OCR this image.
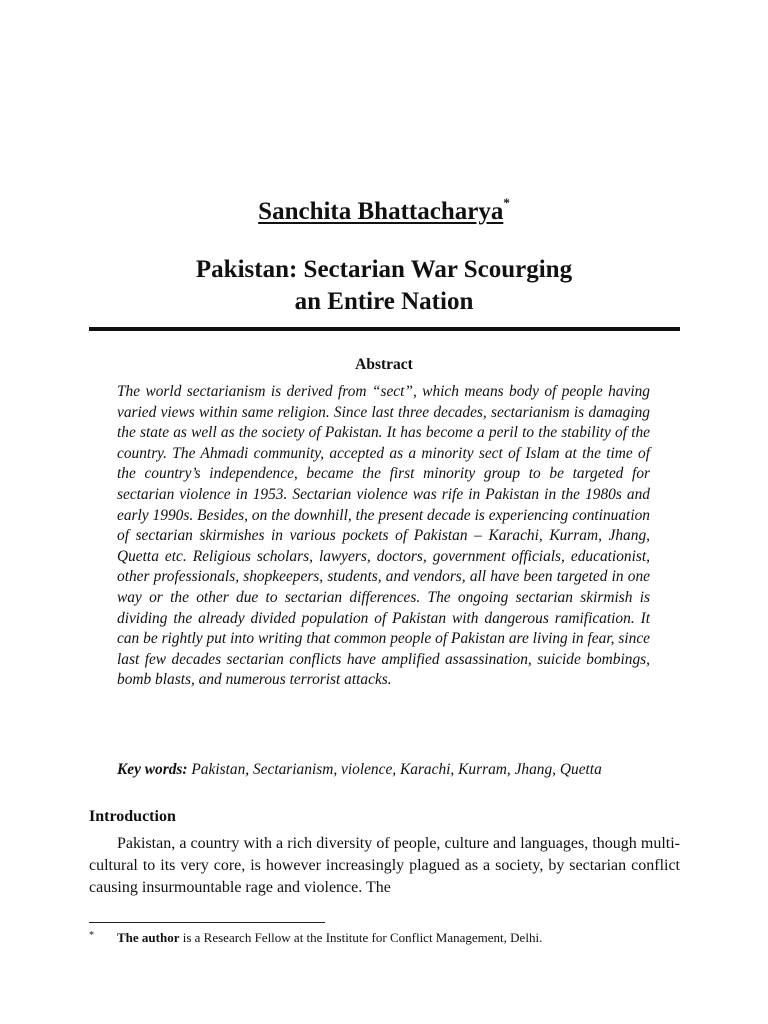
Sanchita Bhattacharya*
Pakistan: Sectarian War Scourging
an Entire Nation
Abstract
The world sectarianism is derived from “sect”, which means body of people having varied views within same religion. Since last three decades, sectarianism is damaging the state as well as the society of Pakistan. It has become a peril to the stability of the country. The Ahmadi community, accepted as a minority sect of Islam at the time of the country’s independence, became the first minority group to be targeted for sectarian violence in 1953. Sectarian violence was rife in Pakistan in the 1980s and early 1990s. Besides, on the downhill, the present decade is experiencing continuation of sectarian skirmishes in various pockets of Pakistan – Karachi, Kurram, Jhang, Quetta etc. Religious scholars, lawyers, doctors, government officials, educationist, other professionals, shopkeepers, students, and vendors, all have been targeted in one way or the other due to sectarian differences. The ongoing sectarian skirmish is dividing the already divided population of Pakistan with dangerous ramification. It can be rightly put into writing that common people of Pakistan are living in fear, since last few decades sectarian conflicts have amplified assassination, suicide bombings, bomb blasts, and numerous terrorist attacks.
Key words: Pakistan, Sectarianism, violence, Karachi, Kurram, Jhang, Quetta
Introduction
Pakistan, a country with a rich diversity of people, culture and languages, though multi-cultural to its very core, is however increasingly plagued as a society, by sectarian conflict causing insurmountable rage and violence. The
* The author is a Research Fellow at the Institute for Conflict Management, Delhi.
